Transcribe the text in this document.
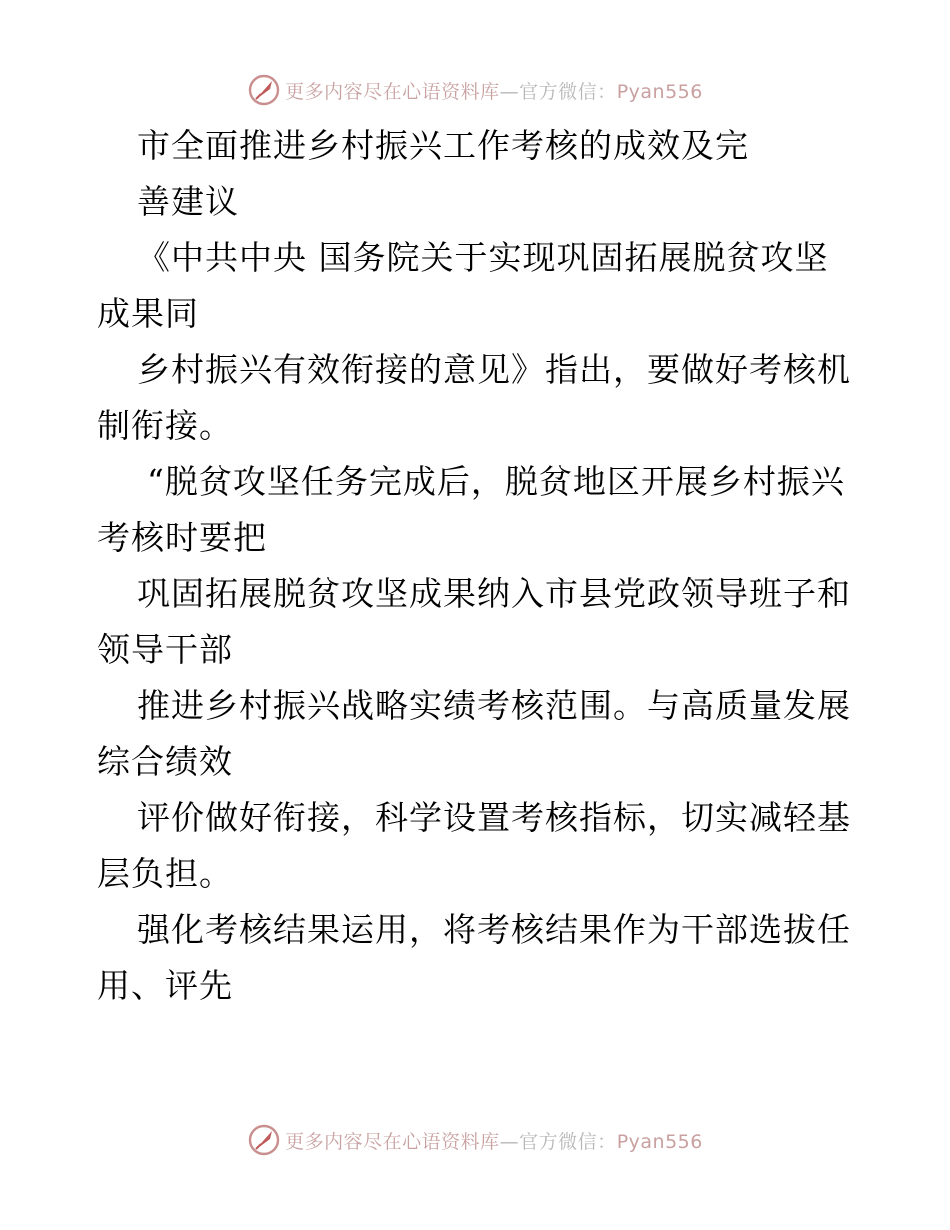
更多内容尽在心语资料库—官方微信：Pyan556
市全面推进乡村振兴工作考核的成效及完
善建议
《中共中央 国务院关于实现巩固拓展脱贫攻坚
成果同
乡村振兴有效衔接的意见》指出，要做好考核机
制衔接。
“脱贫攻坚任务完成后，脱贫地区开展乡村振兴
考核时要把
巩固拓展脱贫攻坚成果纳入市县党政领导班子和
领导干部
推进乡村振兴战略实绩考核范围。与高质量发展
综合绩效
评价做好衔接，科学设置考核指标，切实减轻基
层负担。
强化考核结果运用，将考核结果作为干部选拔任
用、评先
更多内容尽在心语资料库—官方微信：Pyan556
